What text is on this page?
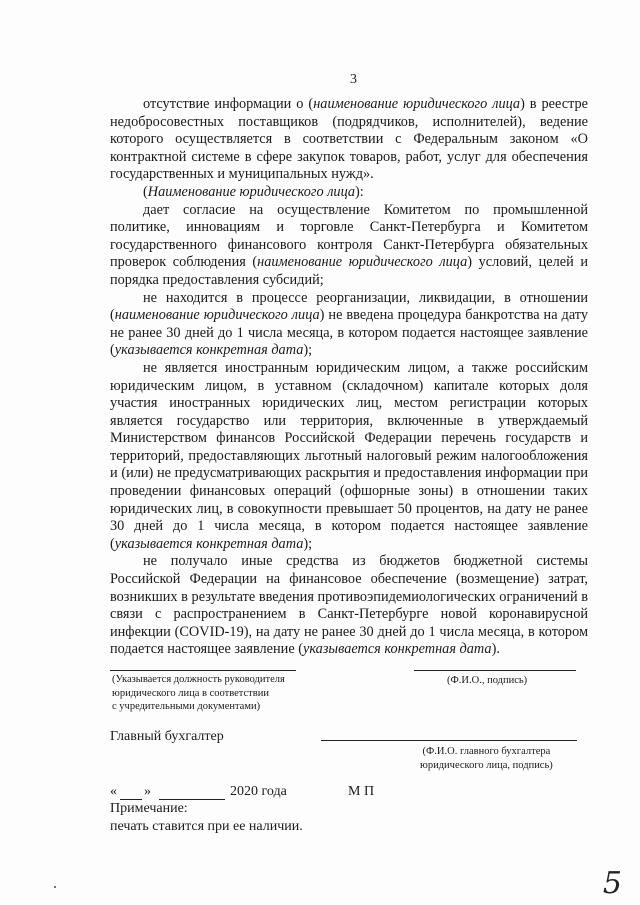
3

отсутствие информации о (наименование юридического лица) в реестре недобросовестных поставщиков (подрядчиков, исполнителей), ведение которого осуществляется в соответствии с Федеральным законом «О контрактной системе в сфере закупок товаров, работ, услуг для обеспечения государственных и муниципальных нужд».

(Наименование юридического лица):

дает согласие на осуществление Комитетом по промышленной политике, инновациям и торговле Санкт-Петербурга и Комитетом государственного финансового контроля Санкт-Петербурга обязательных проверок соблюдения (наименование юридического лица) условий, целей и порядка предоставления субсидий;

не находится в процессе реорганизации, ликвидации, в отношении (наименование юридического лица) не введена процедура банкротства на дату не ранее 30 дней до 1 числа месяца, в котором подается настоящее заявление (указывается конкретная дата);

не является иностранным юридическим лицом, а также российским юридическим лицом, в уставном (складочном) капитале которых доля участия иностранных юридических лиц, местом регистрации которых является государство или территория, включенные в утверждаемый Министерством финансов Российской Федерации перечень государств и территорий, предоставляющих льготный налоговый режим налогообложения и (или) не предусматривающих раскрытия и предоставления информации при проведении финансовых операций (офшорные зоны) в отношении таких юридических лиц, в совокупности превышает 50 процентов, на дату не ранее 30 дней до 1 числа месяца, в котором подается настоящее заявление (указывается конкретная дата);

не получало иные средства из бюджетов бюджетной системы Российской Федерации на финансовое обеспечение (возмещение) затрат, возникших в результате введения противоэпидемиологических ограничений в связи с распространением в Санкт-Петербурге новой коронавирусной инфекции (COVID-19), на дату не ранее 30 дней до 1 числа месяца, в котором подается настоящее заявление (указывается конкретная дата).

(Указывается должность руководителя
юридического лица в соответствии
с учредительными документами)
(Ф.И.О., подпись)
Главный бухгалтер
(Ф.И.О. главного бухгалтера
юридического лица, подпись)
« »	2020 года	М П
Примечание:
печать ставится при ее наличии.
5
